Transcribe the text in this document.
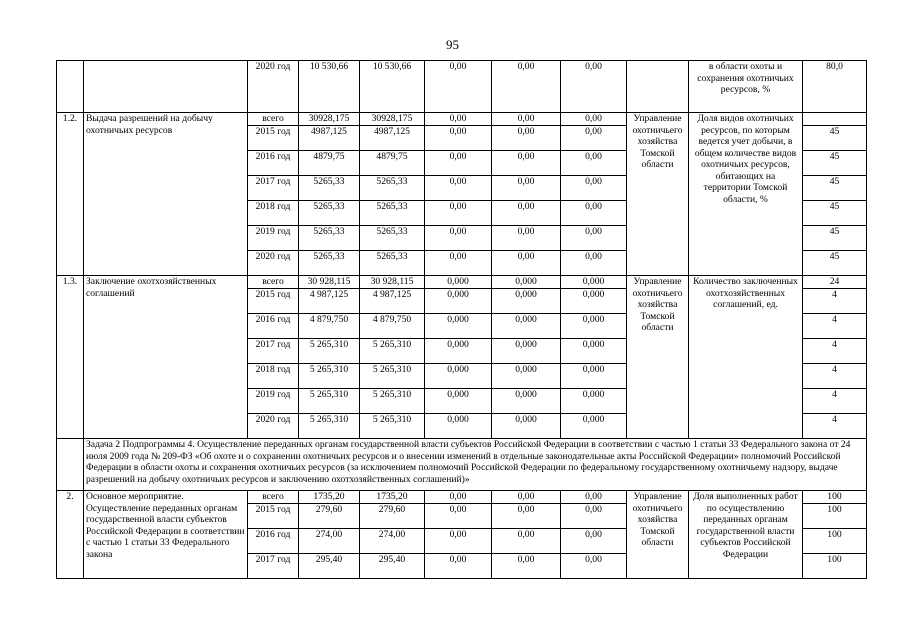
95
		2020 год	10 530,66	10 530,66	0,00	0,00	0,00		в области охоты и сохранения охотничьих ресурсов, %	80,0
1.2.	Выдача разрешений на добычу охотничьих ресурсов	всего	30928,175	30928,175	0,00	0,00	0,00	Управление охотничьего хозяйства Томской области	Доля видов охотничьих ресурсов, по которым ведется учет добычи, в общем количестве видов охотничьих ресурсов, обитающих на территории Томской области, %	
		2015 год	4987,125	4987,125	0,00	0,00	0,00			45
		2016 год	4879,75	4879,75	0,00	0,00	0,00			45
		2017 год	5265,33	5265,33	0,00	0,00	0,00			45
		2018 год	5265,33	5265,33	0,00	0,00	0,00			45
		2019 год	5265,33	5265,33	0,00	0,00	0,00			45
		2020 год	5265,33	5265,33	0,00	0,00	0,00			45
1.3.	Заключение охотхозяйственных соглашений	всего	30 928,115	30 928,115	0,000	0,000	0,000	Управление охотничьего хозяйства Томской области	Количество заключенных охотхозяйственных соглашений, ед.	24
		2015 год	4 987,125	4 987,125	0,000	0,000	0,000			4
		2016 год	4 879,750	4 879,750	0,000	0,000	0,000			4
		2017 год	5 265,310	5 265,310	0,000	0,000	0,000			4
		2018 год	5 265,310	5 265,310	0,000	0,000	0,000			4
		2019 год	5 265,310	5 265,310	0,000	0,000	0,000			4
		2020 год	5 265,310	5 265,310	0,000	0,000	0,000			4
	Задача 2 Подпрограммы 4. Осуществление переданных органам государственной власти субъектов Российской Федерации в соответствии с частью 1 статьи 33 Федерального закона от 24 июля 2009 года № 209-ФЗ «Об охоте и о сохранении охотничьих ресурсов и о внесении изменений в отдельные законодательные акты Российской Федерации» полномочий Российской Федерации в области охоты и сохранения охотничьих ресурсов (за исключением полномочий Российской Федерации по федеральному государственному охотничьему надзору, выдаче разрешений на добычу охотничьих ресурсов и заключению охотхозяйственных соглашений)»									
2.	Основное мероприятие. Осуществление переданных органам государственной власти субъектов Российской Федерации в соответствии с частью 1 статьи 33 Федерального закона	всего	1735,20	1735,20	0,00	0,00	0,00	Управление охотничьего хозяйства Томской области	Доля выполненных работ по осуществлению переданных органам государственной власти субъектов Российской Федерации	100
		2015 год	279,60	279,60	0,00	0,00	0,00			100
		2016 год	274,00	274,00	0,00	0,00	0,00			100
		2017 год	295,40	295,40	0,00	0,00	0,00			100
